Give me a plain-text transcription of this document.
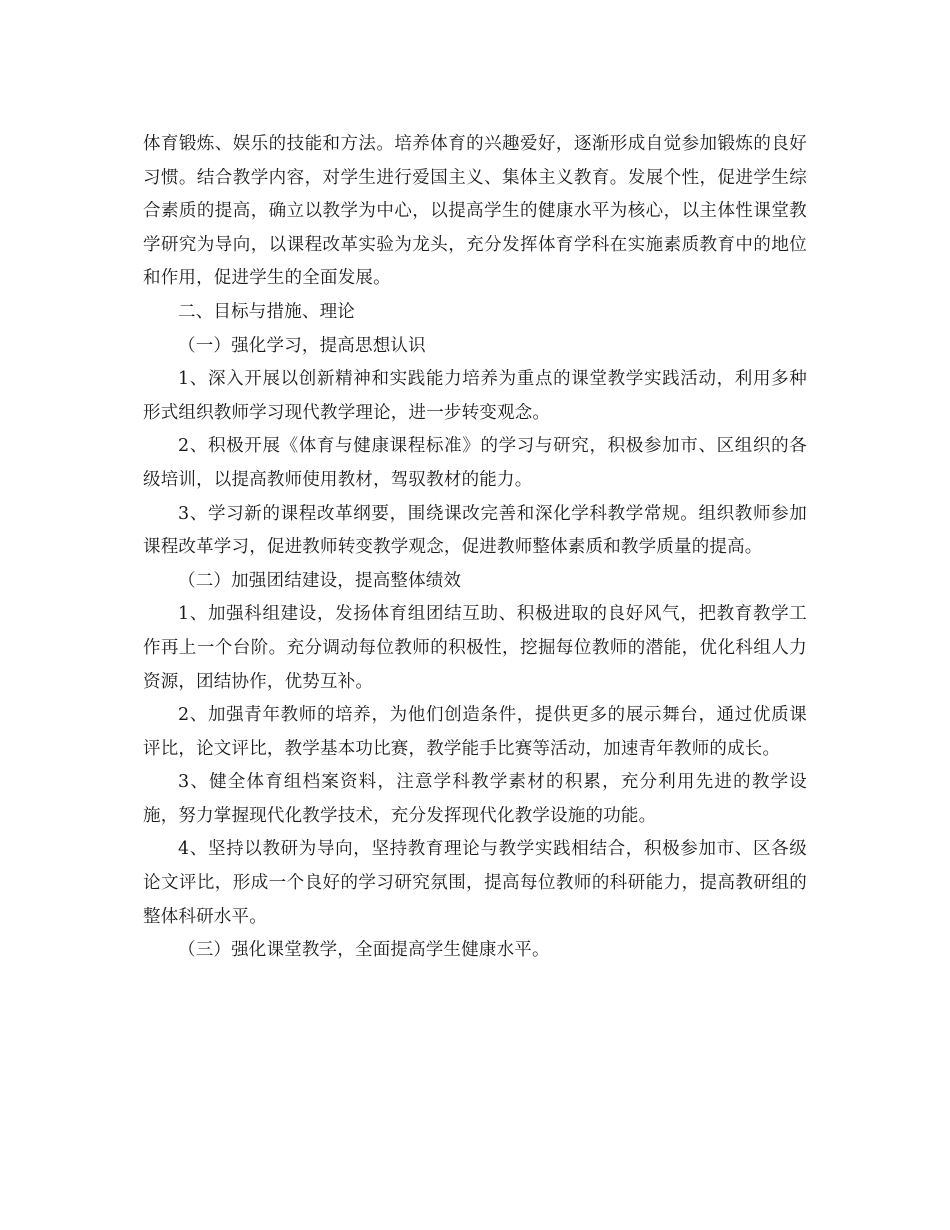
体育锻炼、娱乐的技能和方法。培养体育的兴趣爱好，逐渐形成自觉参加锻炼的良好习惯。结合教学内容，对学生进行爱国主义、集体主义教育。发展个性，促进学生综合素质的提高，确立以教学为中心，以提高学生的健康水平为核心，以主体性课堂教学研究为导向，以课程改革实验为龙头，充分发挥体育学科在实施素质教育中的地位和作用，促进学生的全面发展。

二、目标与措施、理论

（一）强化学习，提高思想认识

1、深入开展以创新精神和实践能力培养为重点的课堂教学实践活动，利用多种形式组织教师学习现代教学理论，进一步转变观念。

2、积极开展《体育与健康课程标准》的学习与研究，积极参加市、区组织的各级培训，以提高教师使用教材，驾驭教材的能力。

3、学习新的课程改革纲要，围绕课改完善和深化学科教学常规。组织教师参加课程改革学习，促进教师转变教学观念，促进教师整体素质和教学质量的提高。

（二）加强团结建设，提高整体绩效

1、加强科组建设，发扬体育组团结互助、积极进取的良好风气，把教育教学工作再上一个台阶。充分调动每位教师的积极性，挖掘每位教师的潜能，优化科组人力资源，团结协作，优势互补。

2、加强青年教师的培养，为他们创造条件，提供更多的展示舞台，通过优质课评比，论文评比，教学基本功比赛，教学能手比赛等活动，加速青年教师的成长。

3、健全体育组档案资料，注意学科教学素材的积累，充分利用先进的教学设施，努力掌握现代化教学技术，充分发挥现代化教学设施的功能。

4、坚持以教研为导向，坚持教育理论与教学实践相结合，积极参加市、区各级论文评比，形成一个良好的学习研究氛围，提高每位教师的科研能力，提高教研组的整体科研水平。

（三）强化课堂教学，全面提高学生健康水平。
